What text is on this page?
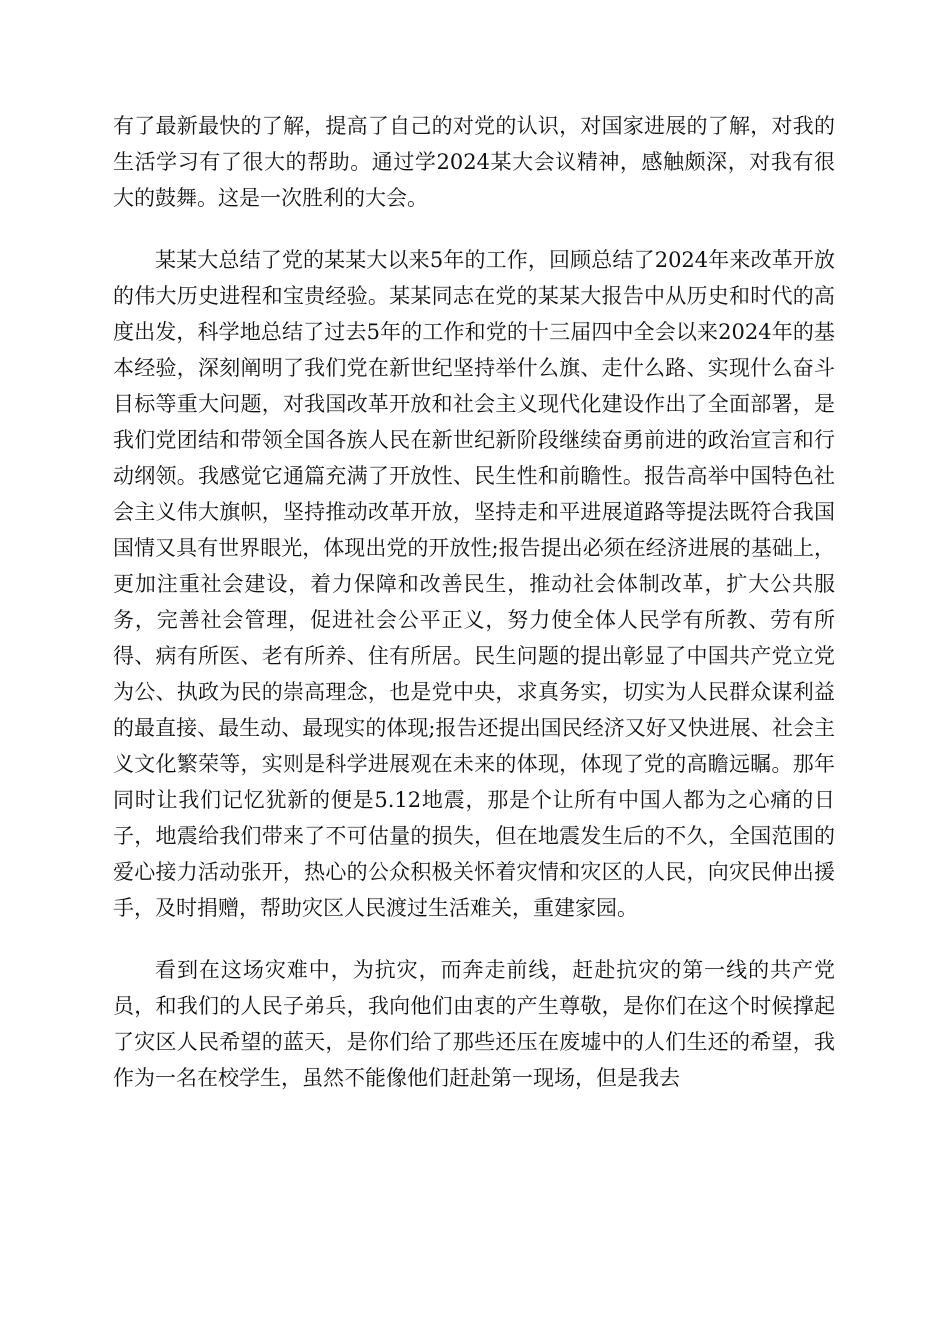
有了最新最快的了解，提高了自己的对党的认识，对国家进展的了解，对我的生活学习有了很大的帮助。通过学2024某大会议精神，感触颇深，对我有很大的鼓舞。这是一次胜利的大会。

某某大总结了党的某某大以来5年的工作，回顾总结了2024年来改革开放的伟大历史进程和宝贵经验。某某同志在党的某某大报告中从历史和时代的高度出发，科学地总结了过去5年的工作和党的十三届四中全会以来2024年的基本经验，深刻阐明了我们党在新世纪坚持举什么旗、走什么路、实现什么奋斗目标等重大问题，对我国改革开放和社会主义现代化建设作出了全面部署，是我们党团结和带领全国各族人民在新世纪新阶段继续奋勇前进的政治宣言和行动纲领。我感觉它通篇充满了开放性、民生性和前瞻性。报告高举中国特色社会主义伟大旗帜，坚持推动改革开放，坚持走和平进展道路等提法既符合我国国情又具有世界眼光，体现出党的开放性;报告提出必须在经济进展的基础上，更加注重社会建设，着力保障和改善民生，推动社会体制改革，扩大公共服务，完善社会管理，促进社会公平正义，努力使全体人民学有所教、劳有所得、病有所医、老有所养、住有所居。民生问题的提出彰显了中国共产党立党为公、执政为民的崇高理念，也是党中央，求真务实，切实为人民群众谋利益的最直接、最生动、最现实的体现;报告还提出国民经济又好又快进展、社会主义文化繁荣等，实则是科学进展观在未来的体现，体现了党的高瞻远瞩。那年同时让我们记忆犹新的便是5.12地震，那是个让所有中国人都为之心痛的日子，地震给我们带来了不可估量的损失，但在地震发生后的不久，全国范围的爱心接力活动张开，热心的公众积极关怀着灾情和灾区的人民，向灾民伸出援手，及时捐赠，帮助灾区人民渡过生活难关，重建家园。

看到在这场灾难中，为抗灾，而奔走前线，赶赴抗灾的第一线的共产党员，和我们的人民子弟兵，我向他们由衷的产生尊敬，是你们在这个时候撑起了灾区人民希望的蓝天，是你们给了那些还压在废墟中的人们生还的希望，我作为一名在校学生，虽然不能像他们赶赴第一现场，但是我去
